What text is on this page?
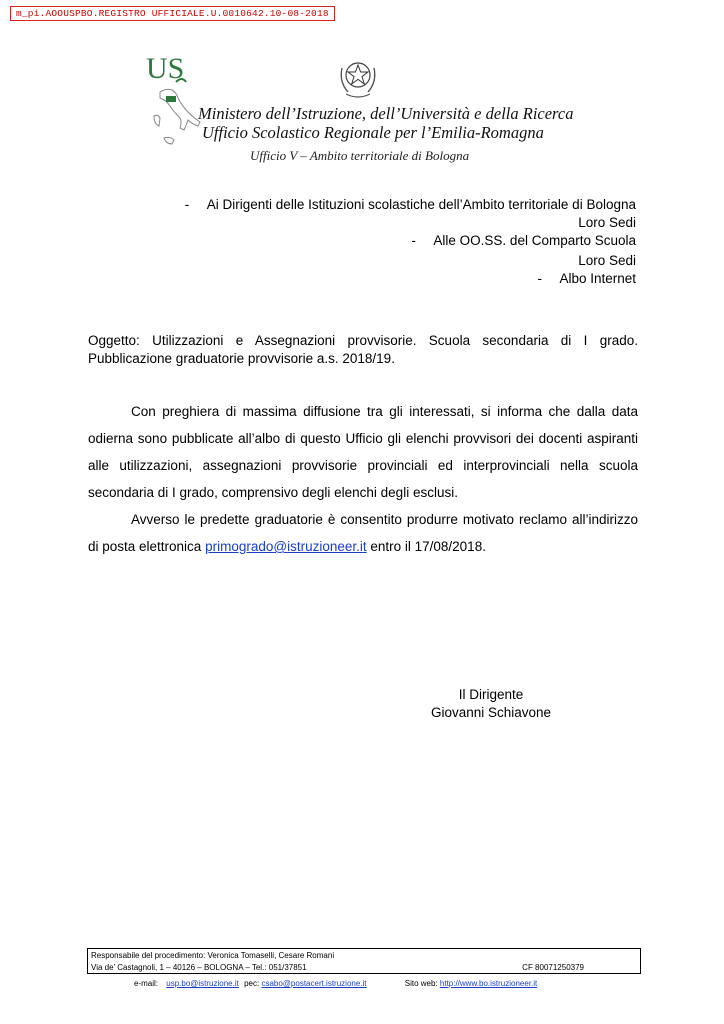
m_pi.AOOUSPBO.REGISTRO UFFICIALE.U.0010642.10-08-2018
US
Ministero dell’Istruzione, dell’Università e della Ricerca
Ufficio Scolastico Regionale per l’Emilia-Romagna
Ufficio V – Ambito territoriale di Bologna
- Ai Dirigenti delle Istituzioni scolastiche dell’Ambito territoriale di Bologna
Loro Sedi
- Alle OO.SS. del Comparto Scuola
Loro Sedi
- Albo Internet
Oggetto: Utilizzazioni e Assegnazioni provvisorie. Scuola secondaria di I grado. Pubblicazione graduatorie provvisorie a.s. 2018/19.
Con preghiera di massima diffusione tra gli interessati, si informa che dalla data odierna sono pubblicate all’albo di questo Ufficio gli elenchi provvisori dei docenti aspiranti alle utilizzazioni, assegnazioni provvisorie provinciali ed interprovinciali nella scuola secondaria di I grado, comprensivo degli elenchi degli esclusi.
Avverso le predette graduatorie è consentito produrre motivato reclamo all’indirizzo di posta elettronica primogrado@istruzioneer.it entro il 17/08/2018.
Il Dirigente
Giovanni Schiavone
Responsabile del procedimento: Veronica Tomaselli, Cesare Romani
Via de’ Castagnoli, 1 – 40126 – BOLOGNA – Tel.: 051/37851	CF 80071250379
e-mail: usp.bo@istruzione.it pec: csabo@postacert.istruzione.it	Sito web: http://www.bo.istruzioneer.it
